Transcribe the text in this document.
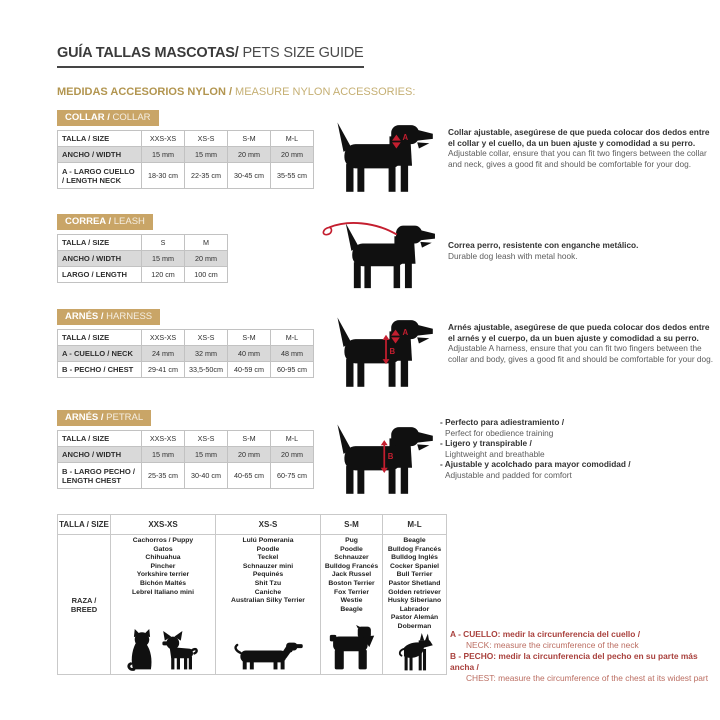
GUÍA TALLAS MASCOTAS/ PETS SIZE GUIDE
MEDIDAS ACCESORIOS NYLON / MEASURE NYLON ACCESSORIES:
COLLAR / COLLAR
TALLA / SIZE	XXS-XS	XS-S	S-M	M-L
ANCHO / WIDTH	15 mm	15 mm	20 mm	20 mm
A - LARGO CUELLO / LENGTH NECK	18-30 cm	22-35 cm	30-45 cm	35-55 cm
A
Collar ajustable, asegúrese de que pueda colocar dos dedos entre el collar y el cuello, da un buen ajuste y comodidad a su perro.
Adjustable collar, ensure that you can fit two fingers between the collar and neck, gives a good fit and should be comfortable for your dog.
CORREA / LEASH
TALLA / SIZE	S	M
ANCHO / WIDTH	15 mm	20 mm
LARGO / LENGTH	120 cm	100 cm
Correa perro, resistente con enganche metálico.
Durable dog leash with metal hook.
ARNÉS / HARNESS
TALLA / SIZE	XXS-XS	XS-S	S-M	M-L
A - CUELLO / NECK	24 mm	32 mm	40 mm	48 mm
B - PECHO / CHEST	29-41 cm	33,5-50cm	40-59 cm	60-95 cm
A
B
Arnés ajustable, asegúrese de que pueda colocar dos dedos entre el arnés y el cuerpo, da un buen ajuste y comodidad a su perro.
Adjustable A harness, ensure that you can fit two fingers between the collar and body, gives a good fit and should be comfortable for your dog.
ARNÉS / PETRAL
TALLA / SIZE	XXS-XS	XS-S	S-M	M-L
ANCHO / WIDTH	15 mm	15 mm	20 mm	20 mm
B - LARGO PECHO / LENGTH CHEST	25-35 cm	30-40 cm	40-65 cm	60-75 cm
B
- Perfecto para adiestramiento /
Perfect for obedience training
- Ligero y transpirable /
Lightweight and breathable
- Ajustable y acolchado para mayor comodidad /
Adjustable and padded for comfort
TALLA / SIZE	XXS-XS	XS-S	S-M	M-L
RAZA / BREED	
Cachorros / Puppy
Gatos
Chihuahua
Pincher
Yorkshire terrier
Bichón Maltés
Lebrel Italiano mini

Lulú Pomerania
Poodle
Teckel
Schnauzer mini
Pequinés
Shit Tzu
Caniche
Australian Silky Terrier

Pug
Poodle
Schnauzer
Bulldog Francés
Jack Russel
Boston Terrier
Fox Terrier
Westie
Beagle

Beagle
Bulldog Francés
Bulldog Inglés
Cocker Spaniel
Bull Terrier
Pastor Shetland
Golden retriever
Husky Siberiano
Labrador
Pastor Alemán
Doberman
A - CUELLO: medir la circunferencia del cuello /
NECK: measure the circumference of the neck
B - PECHO: medir la circunferencia del pecho en su parte más ancha /
CHEST: measure the circumference of the chest at its widest part
